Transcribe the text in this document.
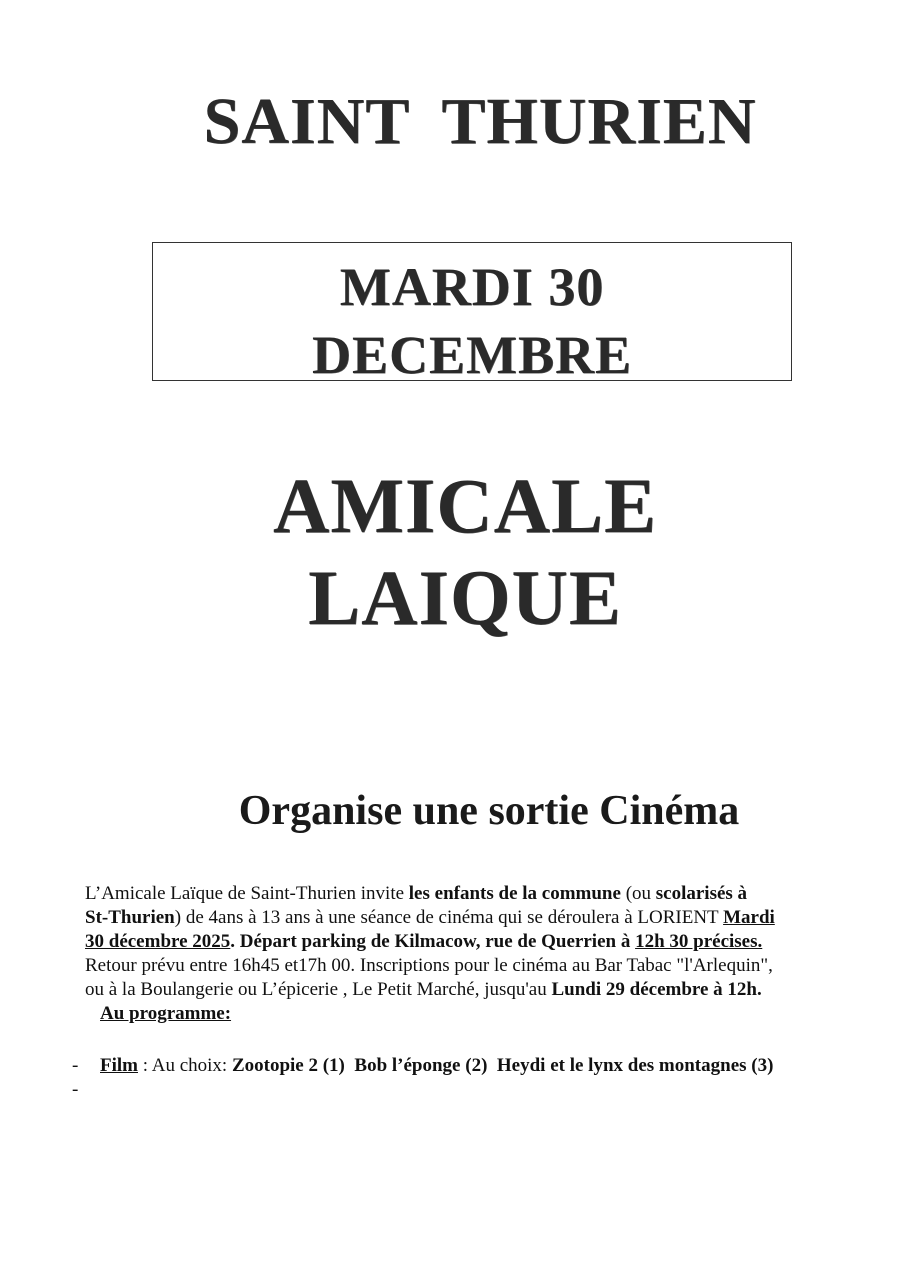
SAINT THURIEN
MARDI 30
DECEMBRE
AMICALE
LAIQUE
Organise une sortie Cinéma
L’Amicale Laïque de Saint-Thurien invite les enfants de la commune (ou scolarisés à
St-Thurien) de 4ans à 13 ans à une séance de cinéma qui se déroulera à LORIENT Mardi
30 décembre 2025. Départ parking de Kilmacow, rue de Querrien à 12h 30 précises.
Retour prévu entre 16h45 et17h 00. Inscriptions pour le cinéma au Bar Tabac "l'Arlequin",
ou à la Boulangerie ou L’épicerie , Le Petit Marché, jusqu'au Lundi 29 décembre à 12h.
Au programme:
- Film : Au choix: Zootopie 2 (1) Bob l’éponge (2) Heydi et le lynx des montagnes (3)
-
